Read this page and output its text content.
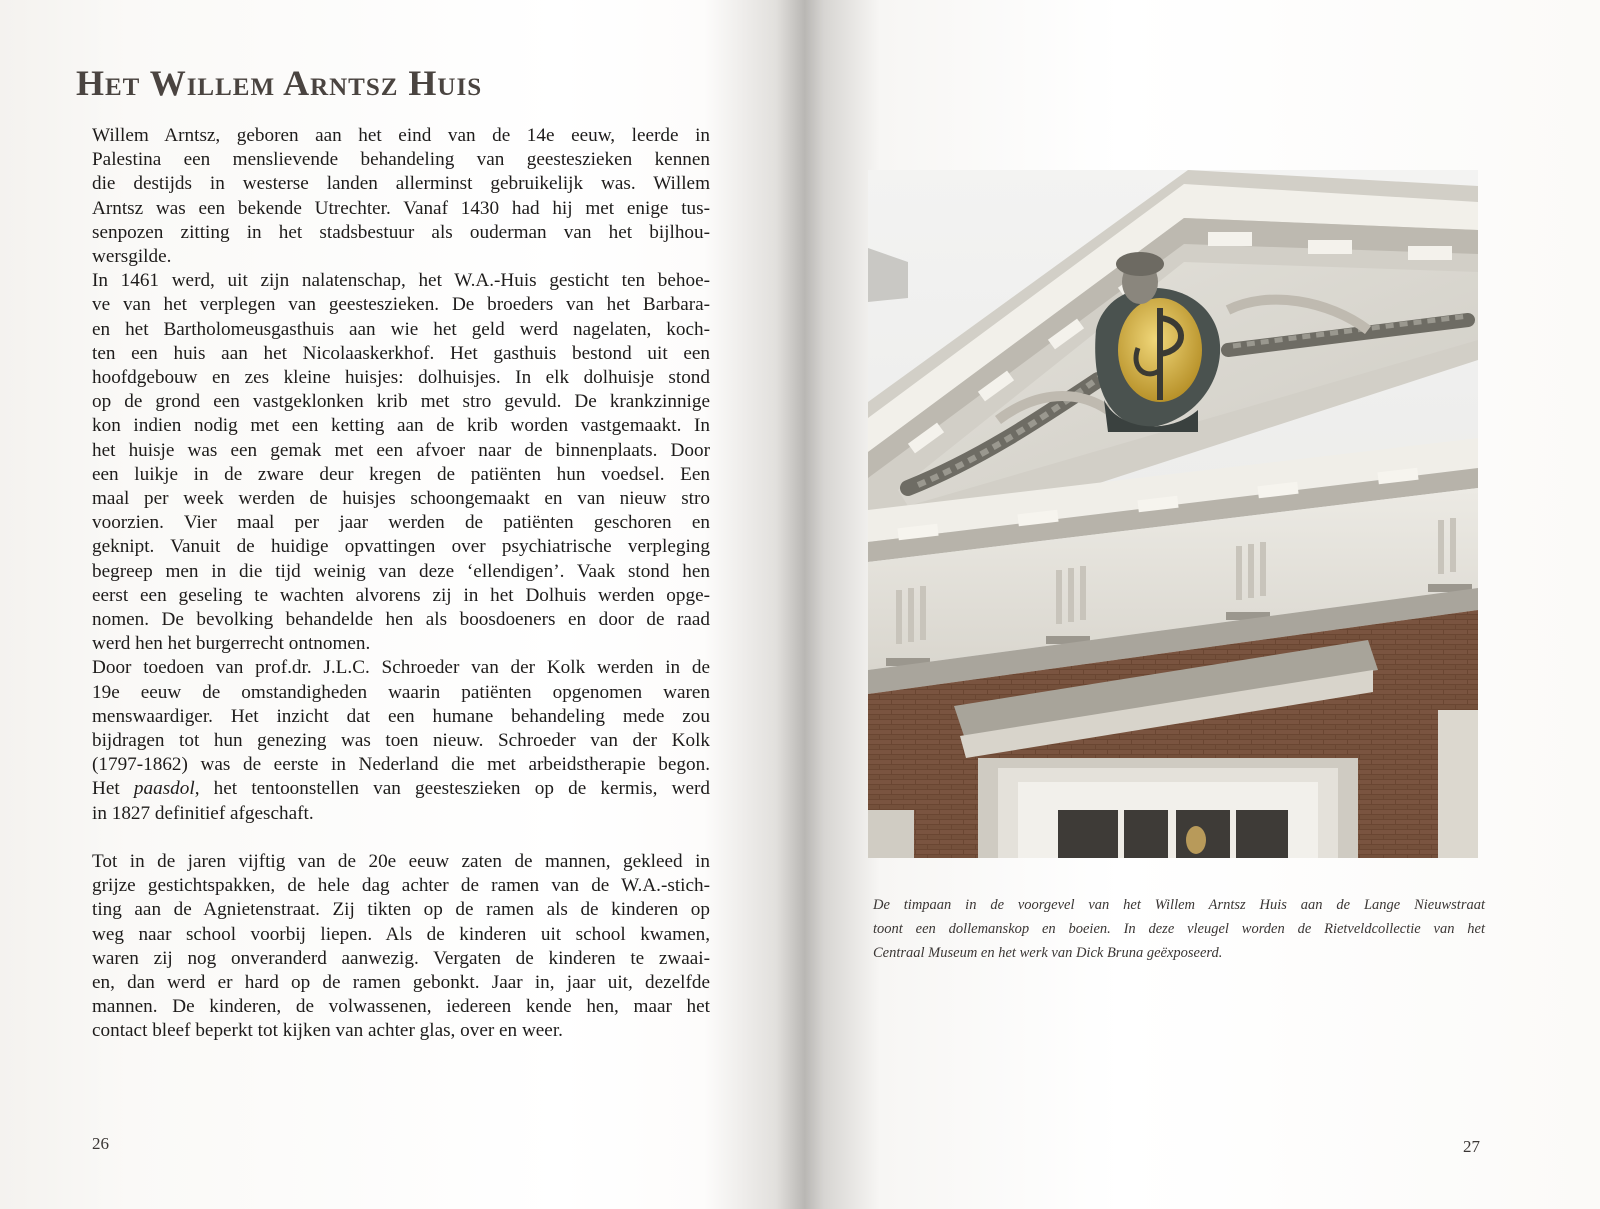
Het Willem Arntsz Huis

Willem Arntsz, geboren aan het eind van de 14e eeuw, leerde in

Palestina een menslievende behandeling van geesteszieken kennen

die destijds in westerse landen allerminst gebruikelijk was. Willem

Arntsz was een bekende Utrechter. Vanaf 1430 had hij met enige tus-

senpozen zitting in het stadsbestuur als ouderman van het bijlhou-

wersgilde.

In 1461 werd, uit zijn nalatenschap, het W.A.-Huis gesticht ten behoe-

ve van het verplegen van geesteszieken. De broeders van het Barbara-

en het Bartholomeusgasthuis aan wie het geld werd nagelaten, koch-

ten een huis aan het Nicolaaskerkhof. Het gasthuis bestond uit een

hoofdgebouw en zes kleine huisjes: dolhuisjes. In elk dolhuisje stond

op de grond een vastgeklonken krib met stro gevuld. De krankzinnige

kon indien nodig met een ketting aan de krib worden vastgemaakt. In

het huisje was een gemak met een afvoer naar de binnenplaats. Door

een luikje in de zware deur kregen de patiënten hun voedsel. Een

maal per week werden de huisjes schoongemaakt en van nieuw stro

voorzien. Vier maal per jaar werden de patiënten geschoren en

geknipt. Vanuit de huidige opvattingen over psychiatrische verpleging

begreep men in die tijd weinig van deze ‘ellendigen’. Vaak stond hen

eerst een geseling te wachten alvorens zij in het Dolhuis werden opge-

nomen. De bevolking behandelde hen als boosdoeners en door de raad

werd hen het burgerrecht ontnomen.

Door toedoen van prof.dr. J.L.C. Schroeder van der Kolk werden in de

19e eeuw de omstandigheden waarin patiënten opgenomen waren

menswaardiger. Het inzicht dat een humane behandeling mede zou

bijdragen tot hun genezing was toen nieuw. Schroeder van der Kolk

(1797-1862) was de eerste in Nederland die met arbeidstherapie begon.

Het paasdol, het tentoonstellen van geesteszieken op de kermis, werd

in 1827 definitief afgeschaft.

Tot in de jaren vijftig van de 20e eeuw zaten de mannen, gekleed in

grijze gestichtspakken, de hele dag achter de ramen van de W.A.-stich-

ting aan de Agnietenstraat. Zij tikten op de ramen als de kinderen op

weg naar school voorbij liepen. Als de kinderen uit school kwamen,

waren zij nog onveranderd aanwezig. Vergaten de kinderen te zwaai-

en, dan werd er hard op de ramen gebonkt. Jaar in, jaar uit, dezelfde

mannen. De kinderen, de volwassenen, iedereen kende hen, maar het

contact bleef beperkt tot kijken van achter glas, over en weer.

26

De timpaan in de voorgevel van het Willem Arntsz Huis aan de Lange Nieuwstraat

toont een dollemanskop en boeien. In deze vleugel worden de Rietveldcollectie van het

Centraal Museum en het werk van Dick Bruna geëxposeerd.

27
